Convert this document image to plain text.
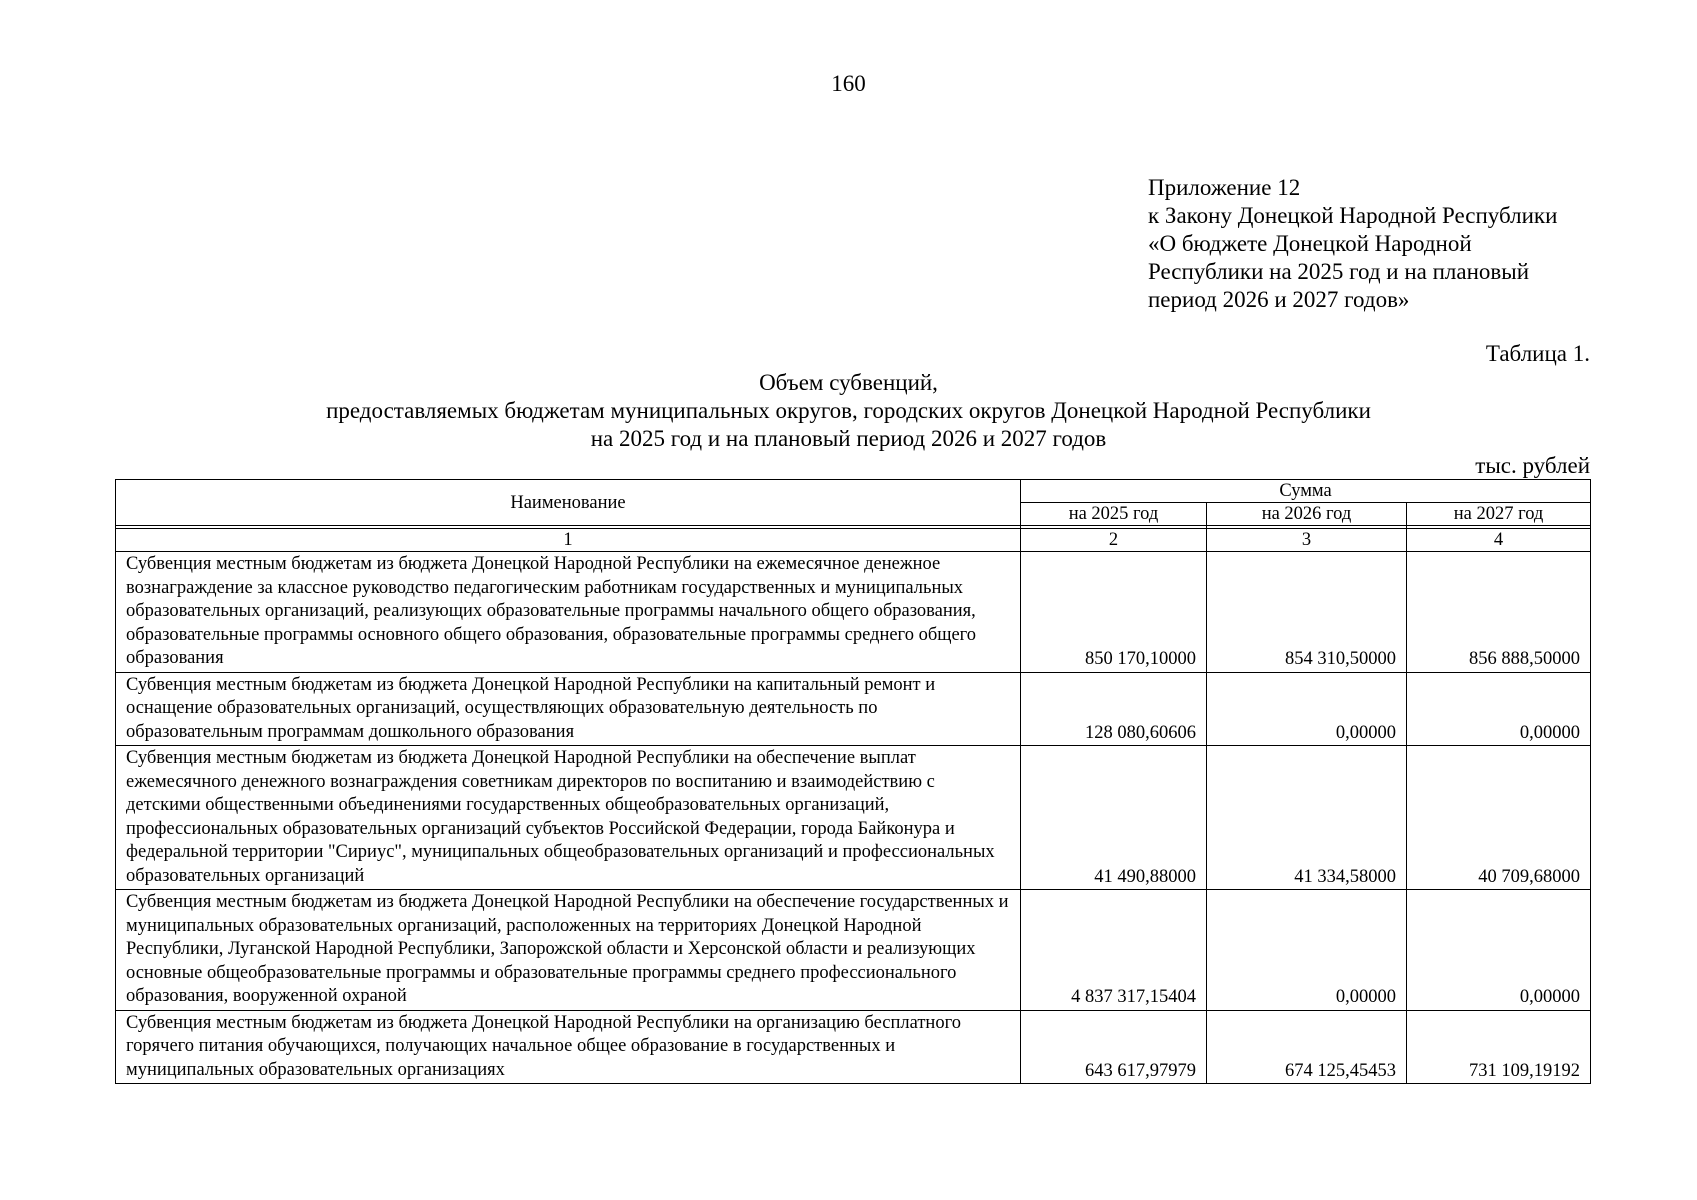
160
Приложение 12
к Закону Донецкой Народной Республики
«О бюджете Донецкой Народной
Республики на 2025 год и на плановый
период 2026 и 2027 годов»
Таблица 1.
Объем субвенций,
предоставляемых бюджетам муниципальных округов, городских округов Донецкой Народной Республики
на 2025 год и на плановый период 2026 и 2027 годов
тыс. рублей
Наименование	Сумма		
	на 2025 год	на 2026 год	на 2027 год

1	2	3	4
Субвенция местным бюджетам из бюджета Донецкой Народной Республики на ежемесячное денежное вознаграждение за классное руководство педагогическим работникам государственных и муниципальных образовательных организаций, реализующих образовательные программы начального общего образования, образовательные программы основного общего образования, образовательные программы среднего общего образования	850 170,10000	854 310,50000	856 888,50000
Субвенция местным бюджетам из бюджета Донецкой Народной Республики на капитальный ремонт и оснащение образовательных организаций, осуществляющих образовательную деятельность по образовательным программам дошкольного образования	128 080,60606	0,00000	0,00000
Субвенция местным бюджетам из бюджета Донецкой Народной Республики на обеспечение выплат ежемесячного денежного вознаграждения советникам директоров по воспитанию и взаимодействию с детскими общественными объединениями государственных общеобразовательных организаций, профессиональных образовательных организаций субъектов Российской Федерации, города Байконура и федеральной территории "Сириус", муниципальных общеобразовательных организаций и профессиональных образовательных организаций	41 490,88000	41 334,58000	40 709,68000
Субвенция местным бюджетам из бюджета Донецкой Народной Республики на обеспечение государственных и муниципальных образовательных организаций, расположенных на территориях Донецкой Народной Республики, Луганской Народной Республики, Запорожской области и Херсонской области и реализующих основные общеобразовательные программы и образовательные программы среднего профессионального образования, вооруженной охраной	4 837 317,15404	0,00000	0,00000
Субвенция местным бюджетам из бюджета Донецкой Народной Республики на организацию бесплатного горячего питания обучающихся, получающих начальное общее образование в государственных и муниципальных образовательных организациях	643 617,97979	674 125,45453	731 109,19192
